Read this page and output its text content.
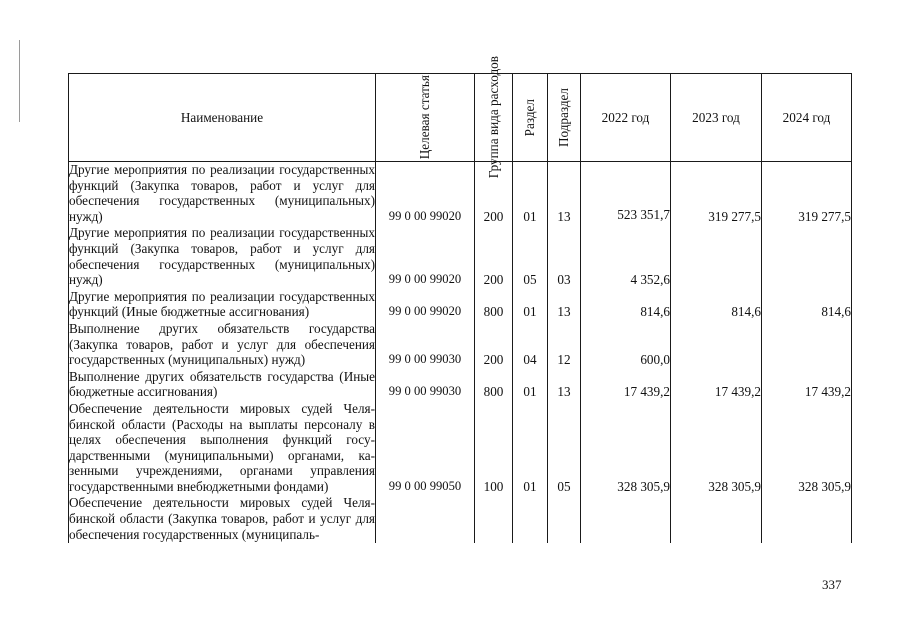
Наименование	Целевая статья	Группа вида расходов	Раздел	Подраздел	2022 год	2023 год	2024 год
Другие мероприятия по реализации государственных функций (Закупка товаров, работ и услуг для обеспечения государственных (муниципальных) нужд)	99 0 00 99020	200	01	13	523 351,7	319 277,5	319 277,5
Другие мероприятия по реализации государственных функций (Закупка товаров, работ и услуг для обеспечения государственных (муниципальных) нужд)	99 0 00 99020	200	05	03	4 352,6		
Другие мероприятия по реализации государственных функций (Иные бюджетные ассигнования)	99 0 00 99020	800	01	13	814,6	814,6	814,6
Выполнение других обязательств государства (Закупка товаров, работ и услуг для обеспечения государственных (муниципальных) нужд)	99 0 00 99030	200	04	12	600,0		
Выполнение других обязательств государства (Иные бюджетные ассигнования)	99 0 00 99030	800	01	13	17 439,2	17 439,2	17 439,2
Обеспечение деятельности мировых судей Челябинской области (Расходы на выплаты персоналу в целях обеспечения выполнения функций государственными (муниципальными) органами, казенными учреждениями, органами управления государственными внебюджетными фондами)	99 0 00 99050	100	01	05	328 305,9	328 305,9	328 305,9
Обеспечение деятельности мировых судей Челябинской области (Закупка товаров, работ и услуг для обеспечения государственных (муниципаль-							
337
